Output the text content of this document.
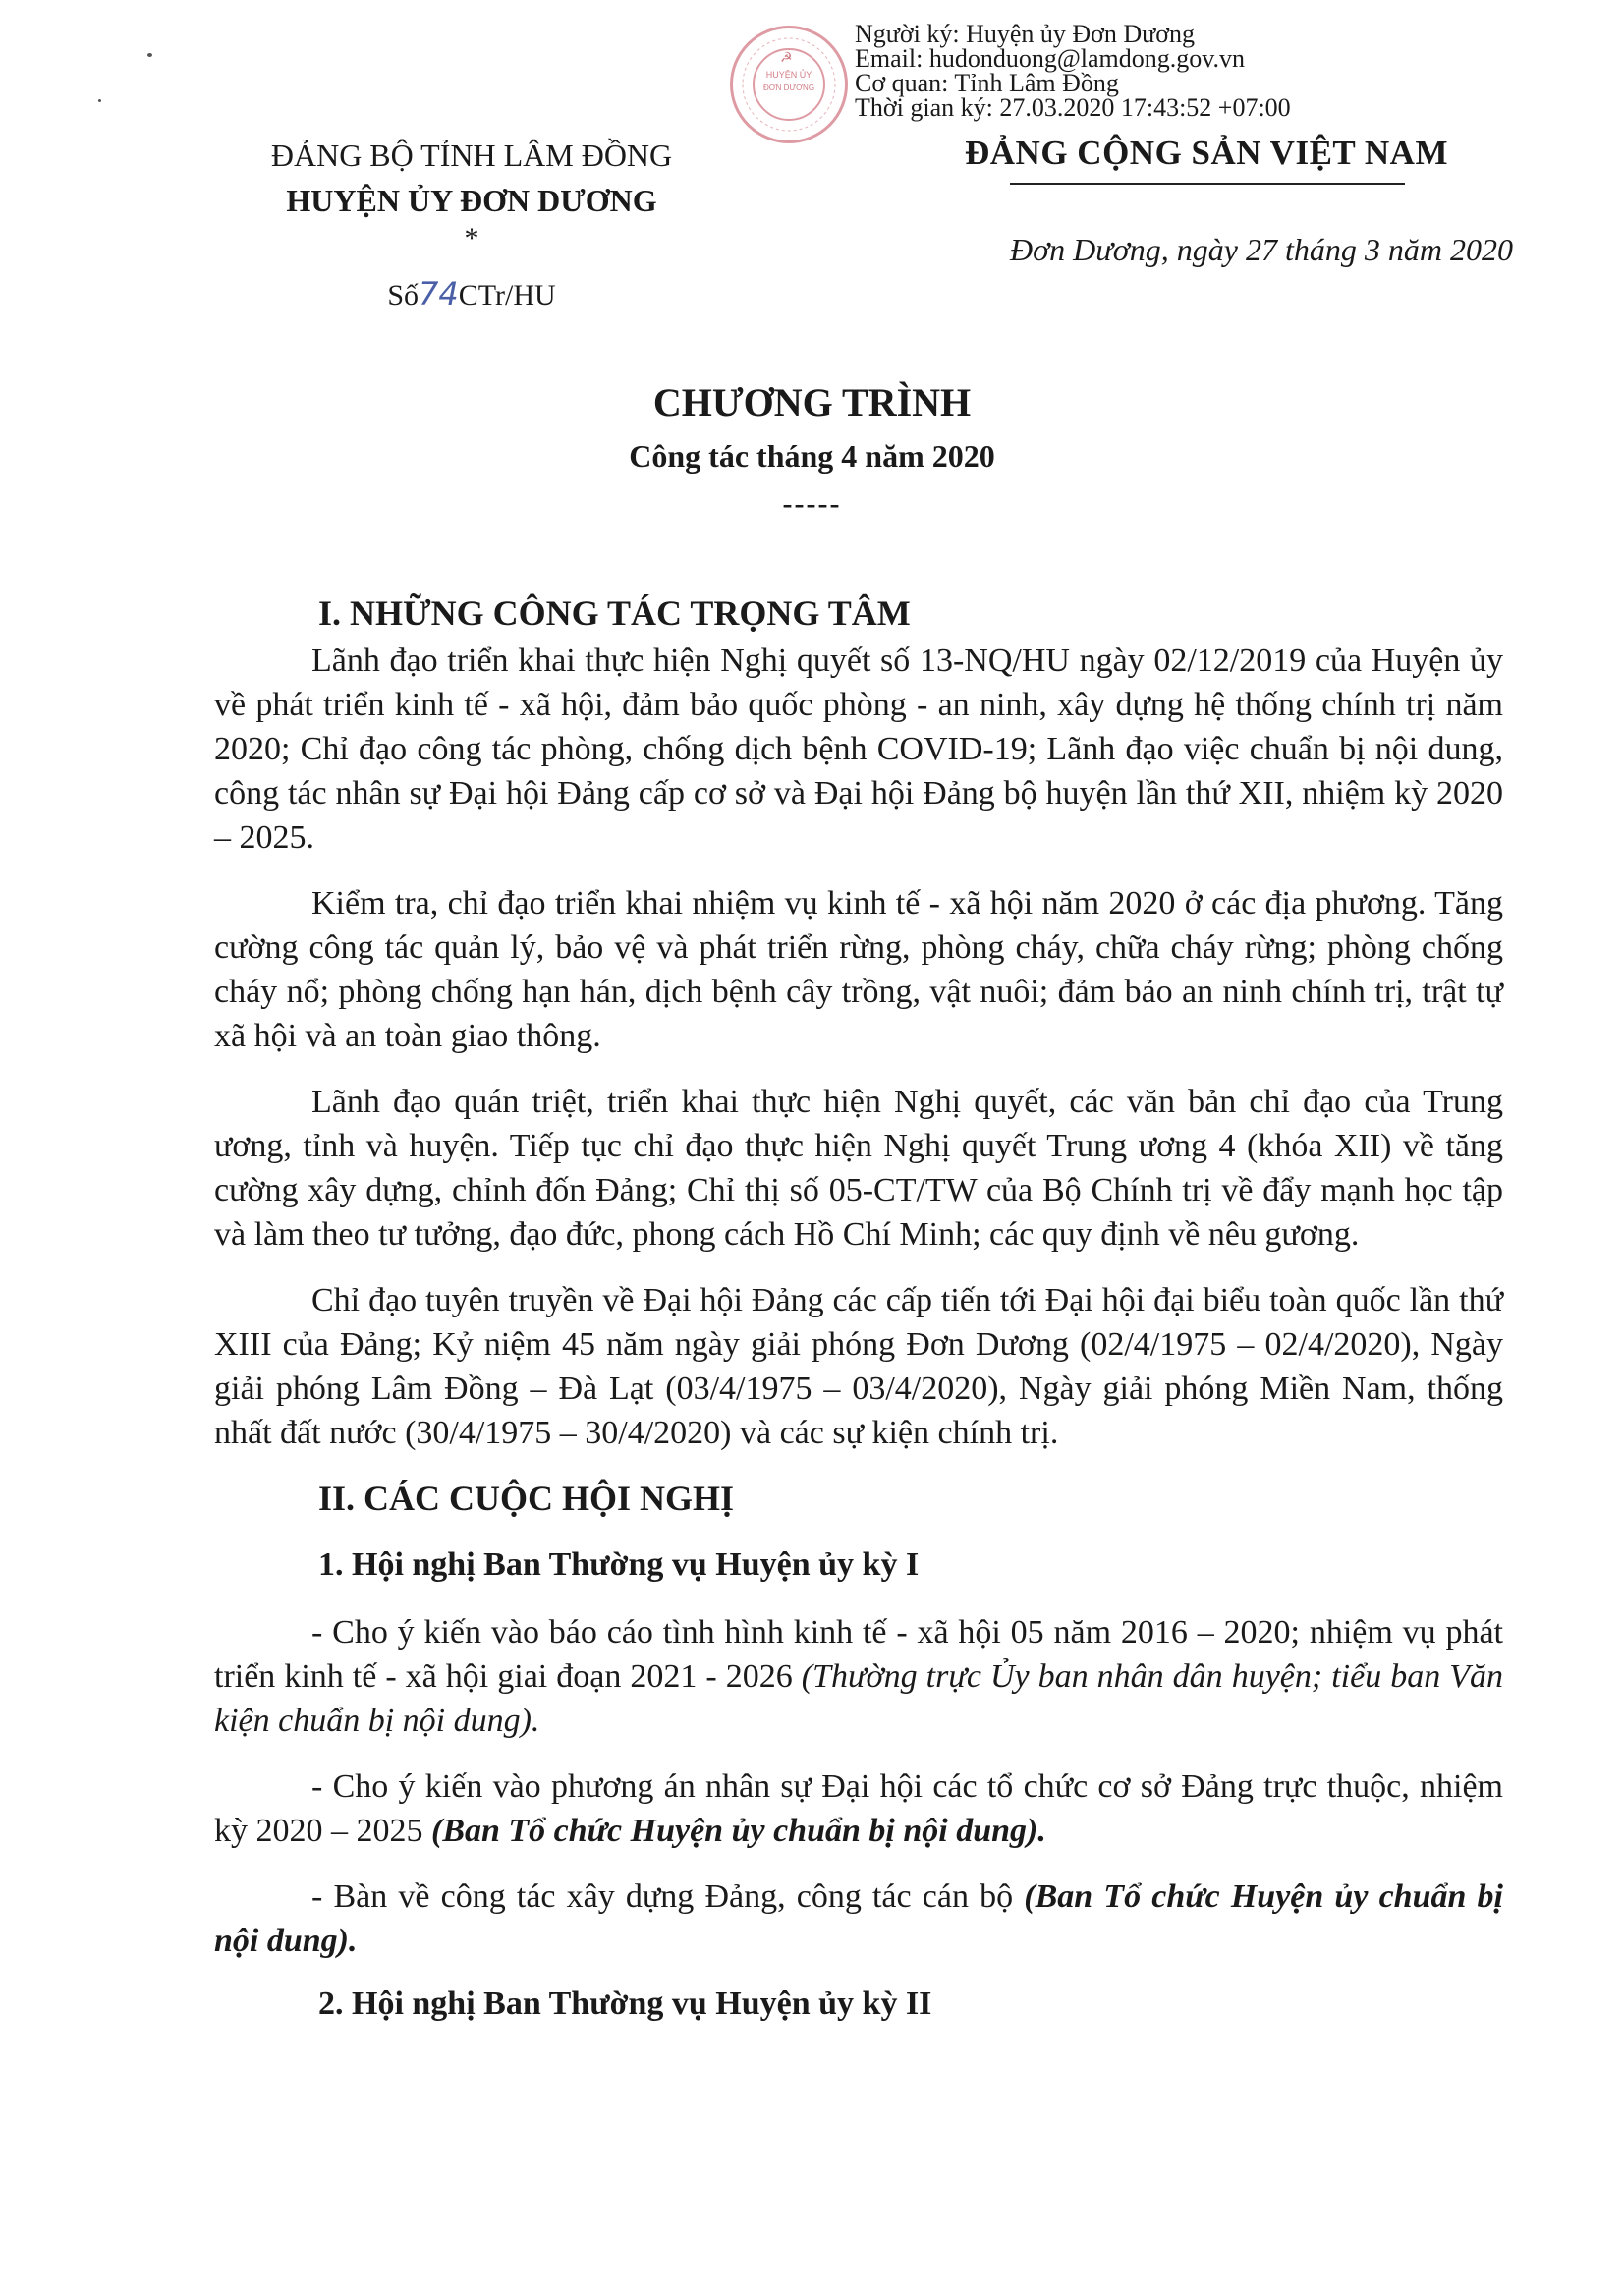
☭
HUYỆN ỦY
ĐƠN DƯƠNG
Người ký: Huyện ủy Đơn Dương
Email: hudonduong@lamdong.gov.vn
Cơ quan: Tỉnh Lâm Đồng
Thời gian ký: 27.03.2020 17:43:52 +07:00
ĐẢNG BỘ TỈNH LÂM ĐỒNG
HUYỆN ỦY ĐƠN DƯƠNG
*
Số74CTr/HU
ĐẢNG CỘNG SẢN VIỆT NAM
Đơn Dương, ngày 27 tháng 3 năm 2020
CHƯƠNG TRÌNH
Công tác tháng 4 năm 2020
-----
I. NHỮNG CÔNG TÁC TRỌNG TÂM

Lãnh đạo triển khai thực hiện Nghị quyết số 13-NQ/HU ngày 02/12/2019 của Huyện ủy về phát triển kinh tế - xã hội, đảm bảo quốc phòng - an ninh, xây dựng hệ thống chính trị năm 2020; Chỉ đạo công tác phòng, chống dịch bệnh COVID-19; Lãnh đạo việc chuẩn bị nội dung, công tác nhân sự Đại hội Đảng cấp cơ sở và Đại hội Đảng bộ huyện lần thứ XII, nhiệm kỳ 2020 – 2025.

Kiểm tra, chỉ đạo triển khai nhiệm vụ kinh tế - xã hội năm 2020 ở các địa phương. Tăng cường công tác quản lý, bảo vệ và phát triển rừng, phòng cháy, chữa cháy rừng; phòng chống cháy nổ; phòng chống hạn hán, dịch bệnh cây trồng, vật nuôi; đảm bảo an ninh chính trị, trật tự xã hội và an toàn giao thông.

Lãnh đạo quán triệt, triển khai thực hiện Nghị quyết, các văn bản chỉ đạo của Trung ương, tỉnh và huyện. Tiếp tục chỉ đạo thực hiện Nghị quyết Trung ương 4 (khóa XII) về tăng cường xây dựng, chỉnh đốn Đảng; Chỉ thị số 05-CT/TW của Bộ Chính trị về đẩy mạnh học tập và làm theo tư tưởng, đạo đức, phong cách Hồ Chí Minh; các quy định về nêu gương.

Chỉ đạo tuyên truyền về Đại hội Đảng các cấp tiến tới Đại hội đại biểu toàn quốc lần thứ XIII của Đảng; Kỷ niệm 45 năm ngày giải phóng Đơn Dương (02/4/1975 – 02/4/2020), Ngày giải phóng Lâm Đồng – Đà Lạt (03/4/1975 – 03/4/2020), Ngày giải phóng Miền Nam, thống nhất đất nước (30/4/1975 – 30/4/2020) và các sự kiện chính trị.

II. CÁC CUỘC HỘI NGHỊ
1. Hội nghị Ban Thường vụ Huyện ủy kỳ I

- Cho ý kiến vào báo cáo tình hình kinh tế - xã hội 05 năm 2016 – 2020; nhiệm vụ phát triển kinh tế - xã hội giai đoạn 2021 - 2026 (Thường trực Ủy ban nhân dân huyện; tiểu ban Văn kiện chuẩn bị nội dung).

- Cho ý kiến vào phương án nhân sự Đại hội các tổ chức cơ sở Đảng trực thuộc, nhiệm kỳ 2020 – 2025 (Ban Tổ chức Huyện ủy chuẩn bị nội dung).

- Bàn về công tác xây dựng Đảng, công tác cán bộ (Ban Tổ chức Huyện ủy chuẩn bị nội dung).

2. Hội nghị Ban Thường vụ Huyện ủy kỳ II
